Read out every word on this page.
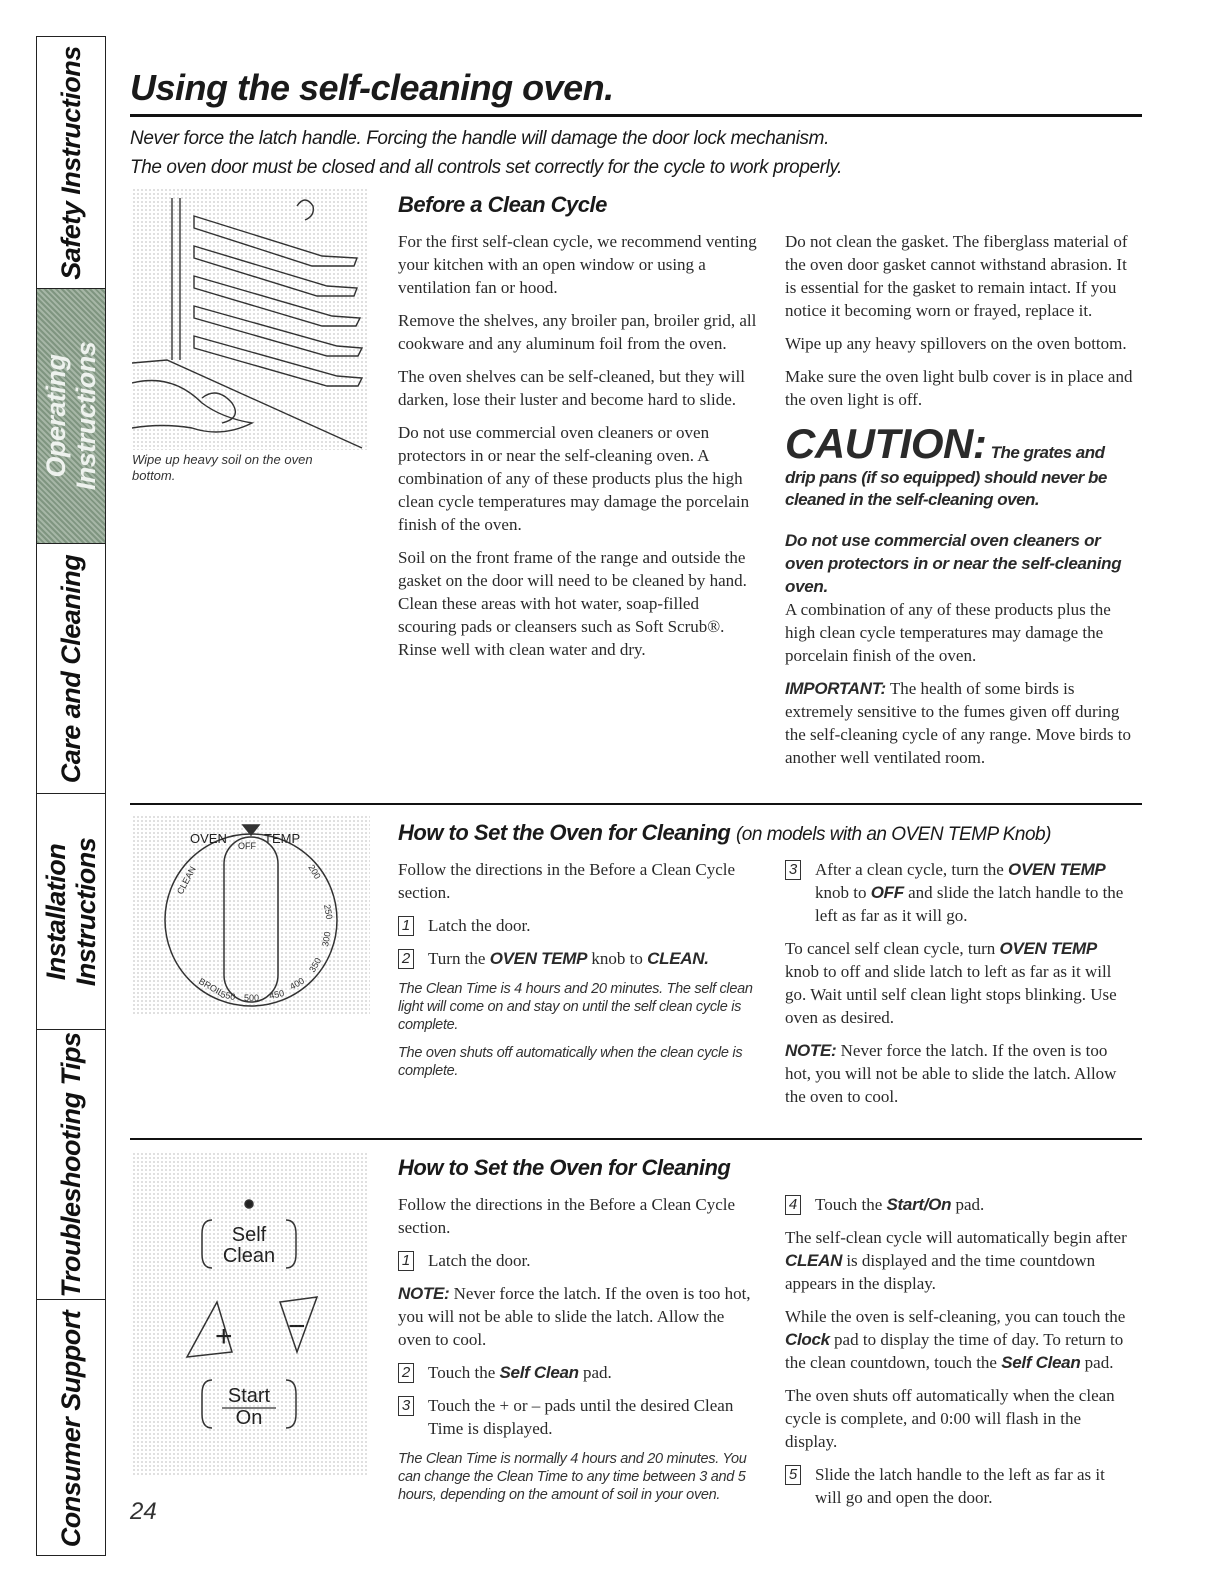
Safety Instructions
Operating Instructions
Care and Cleaning
Installation Instructions
Troubleshooting Tips
Consumer Support
Using the self-cleaning oven.
Never force the latch handle. Forcing the handle will damage the door lock mechanism.
The oven door must be closed and all controls set correctly for the cycle to work properly.
Wipe up heavy soil on the oven bottom.
Before a Clean Cycle

For the first self-clean cycle, we recommend venting your kitchen with an open window or using a ventilation fan or hood.

Remove the shelves, any broiler pan, broiler grid, all cookware and any aluminum foil from the oven.

The oven shelves can be self-cleaned, but they will darken, lose their luster and become hard to slide.

Do not use commercial oven cleaners or oven protectors in or near the self-cleaning oven. A combination of any of these products plus the high clean cycle temperatures may damage the porcelain finish of the oven.

Soil on the front frame of the range and outside the gasket on the door will need to be cleaned by hand. Clean these areas with hot water, soap-filled scouring pads or cleansers such as Soft Scrub®. Rinse well with clean water and dry.

Do not clean the gasket. The fiberglass material of the oven door gasket cannot withstand abrasion. It is essential for the gasket to remain intact. If you notice it becoming worn or frayed, replace it.

Wipe up any heavy spillovers on the oven bottom.

Make sure the oven light bulb cover is in place and the oven light is off.

CAUTION: The grates and drip pans (if so equipped) should never be cleaned in the self-cleaning oven.

Do not use commercial oven cleaners or oven protectors in or near the self-cleaning oven.

A combination of any of these products plus the high clean cycle temperatures may damage the porcelain finish of the oven.

IMPORTANT: The health of some birds is extremely sensitive to the fumes given off during the self-cleaning cycle of any range. Move birds to another well ventilated room.

OVEN	TEMP
OFF
CLEAN
BROIL
550 500 450
400
350
300
250
200
How to Set the Oven for Cleaning (on models with an OVEN TEMP Knob)

Follow the directions in the Before a Clean Cycle section.

1 Latch the door.
2 Turn the OVEN TEMP knob to CLEAN.

The Clean Time is 4 hours and 20 minutes. The self clean light will come on and stay on until the self clean cycle is complete.

The oven shuts off automatically when the clean cycle is complete.

3 After a clean cycle, turn the OVEN TEMP knob to OFF and slide the latch handle to the left as far as it will go.

To cancel self clean cycle, turn OVEN TEMP knob to off and slide latch to left as far as it will go. Wait until self clean light stops blinking. Use oven as desired.

NOTE: Never force the latch. If the oven is too hot, you will not be able to slide the latch. Allow the oven to cool.

Self
Clean
Start
On
+ −
How to Set the Oven for Cleaning

Follow the directions in the Before a Clean Cycle section.

1 Latch the door.

NOTE: Never force the latch. If the oven is too hot, you will not be able to slide the latch. Allow the oven to cool.

2 Touch the Self Clean pad.
3 Touch the + or – pads until the desired Clean Time is displayed.

The Clean Time is normally 4 hours and 20 minutes. You can change the Clean Time to any time between 3 and 5 hours, depending on the amount of soil in your oven.

4 Touch the Start/On pad.

The self-clean cycle will automatically begin after CLEAN is displayed and the time countdown appears in the display.

While the oven is self-cleaning, you can touch the Clock pad to display the time of day. To return to the clean countdown, touch the Self Clean pad.

The oven shuts off automatically when the clean cycle is complete, and 0:00 will flash in the display.

5 Slide the latch handle to the left as far as it will go and open the door.
24
